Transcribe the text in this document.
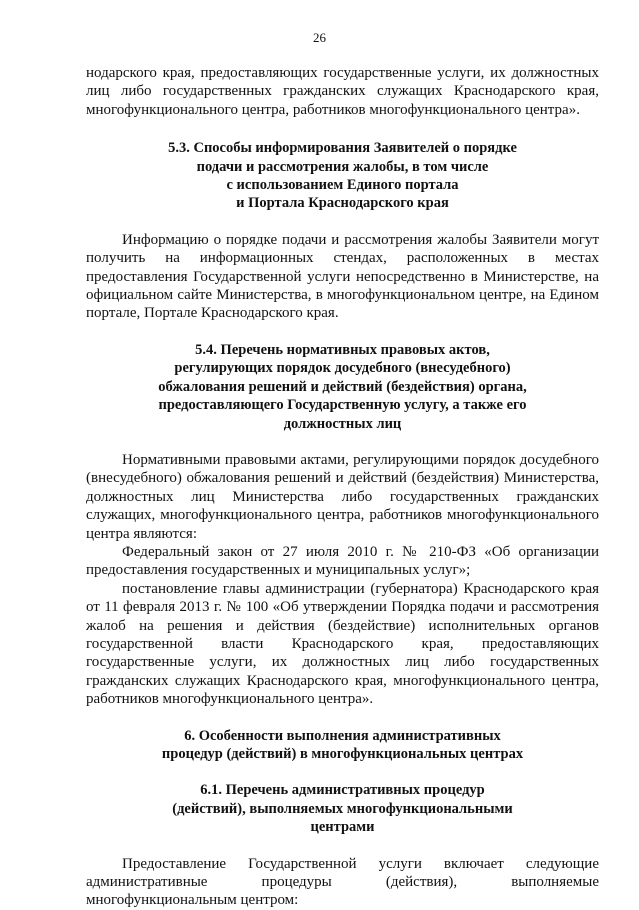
26

нодарского края, предоставляющих государственные услуги, их должностных лиц либо государственных гражданских служащих Краснодарского края, многофункционального центра, работников многофункционального центра».

5.3. Способы информирования Заявителей о порядке
подачи и рассмотрения жалобы, в том числе
с использованием Единого портала
и Портала Краснодарского края

Информацию о порядке подачи и рассмотрения жалобы Заявители могут получить на информационных стендах, расположенных в местах предоставления Государственной услуги непосредственно в Министерстве, на официальном сайте Министерства, в многофункциональном центре, на Едином портале, Портале Краснодарского края.

5.4. Перечень нормативных правовых актов,
регулирующих порядок досудебного (внесудебного)
обжалования решений и действий (бездействия) органа,
предоставляющего Государственную услугу, а также его
должностных лиц

Нормативными правовыми актами, регулирующими порядок досудебного (внесудебного) обжалования решений и действий (бездействия) Министерства, должностных лиц Министерства либо государственных гражданских служащих, многофункционального центра, работников многофункционального центра являются:

Федеральный закон от 27 июля 2010 г. № 210-ФЗ «Об организации предоставления государственных и муниципальных услуг»;

постановление главы администрации (губернатора) Краснодарского края от 11 февраля 2013 г. № 100 «Об утверждении Порядка подачи и рассмотрения жалоб на решения и действия (бездействие) исполнительных органов государственной власти Краснодарского края, предоставляющих государственные услуги, их должностных лиц либо государственных гражданских служащих Краснодарского края, многофункционального центра, работников многофункционального центра».

6. Особенности выполнения административных
процедур (действий) в многофункциональных центрах
6.1. Перечень административных процедур
(действий), выполняемых многофункциональными
центрами

Предоставление Государственной услуги включает следующие административные процедуры (действия), выполняемые многофункциональным центром:
